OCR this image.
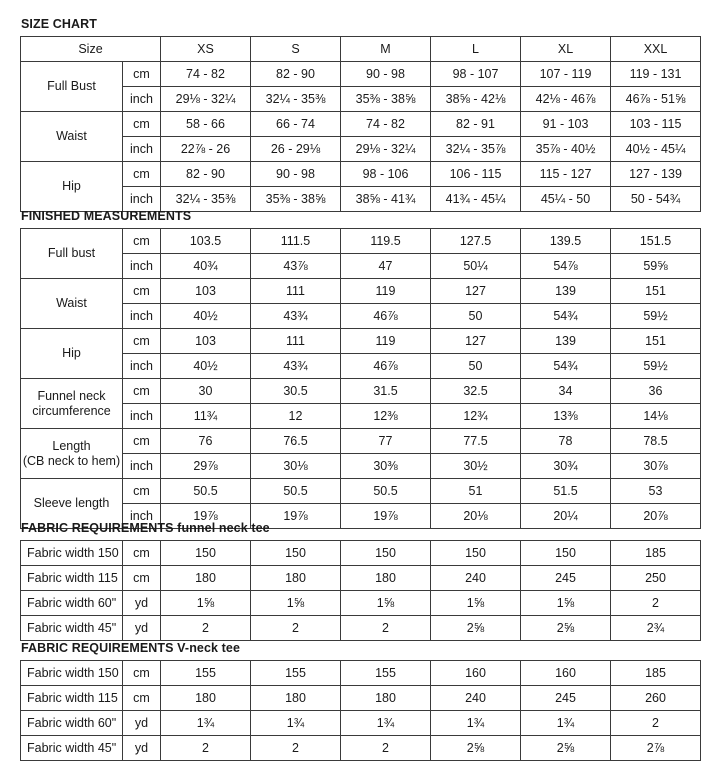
SIZE CHART
Size		XS	S	M	L	XL	XXL
Full Bust	cm	74 - 82	82 - 90	90 - 98	98 - 107	107 - 119	119 - 131
	inch	29⅛ - 32¼	32¼ - 35⅜	35⅜ - 38⅝	38⅝ - 42⅛	42⅛ - 46⅞	46⅞ - 51⅝
Waist	cm	58 - 66	66 - 74	74 - 82	82 - 91	91 - 103	103 - 115
	inch	22⅞ - 26	26 - 29⅛	29⅛ - 32¼	32¼ - 35⅞	35⅞ - 40½	40½ - 45¼
Hip	cm	82 - 90	90 - 98	98 - 106	106 - 115	115 - 127	127 - 139
	inch	32¼ - 35⅜	35⅜ - 38⅝	38⅝ - 41¾	41¾ - 45¼	45¼ - 50	50 - 54¾
FINISHED MEASUREMENTS
Full bust	cm	103.5	111.5	119.5	127.5	139.5	151.5
	inch	40¾	43⅞	47	50¼	54⅞	59⅝
Waist	cm	103	111	119	127	139	151
	inch	40½	43¾	46⅞	50	54¾	59½
Hip	cm	103	111	119	127	139	151
	inch	40½	43¾	46⅞	50	54¾	59½

Funnel neck
circumference	cm	30	30.5	31.5	32.5	34	36
	inch	11¾	12	12⅜	12¾	13⅜	14⅛

Length
(CB neck to hem)	cm	76	76.5	77	77.5	78	78.5
	inch	29⅞	30⅛	30⅜	30½	30¾	30⅞
Sleeve length	cm	50.5	50.5	50.5	51	51.5	53
	inch	19⅞	19⅞	19⅞	20⅛	20¼	20⅞
FABRIC REQUIREMENTS funnel neck tee
Fabric width 150	cm	150	150	150	150	150	185
Fabric width 115	cm	180	180	180	240	245	250
Fabric width 60"	yd	1⅝	1⅝	1⅝	1⅝	1⅝	2
Fabric width 45"	yd	2	2	2	2⅝	2⅝	2¾
FABRIC REQUIREMENTS V-neck tee
Fabric width 150	cm	155	155	155	160	160	185
Fabric width 115	cm	180	180	180	240	245	260
Fabric width 60"	yd	1¾	1¾	1¾	1¾	1¾	2
Fabric width 45"	yd	2	2	2	2⅝	2⅝	2⅞
